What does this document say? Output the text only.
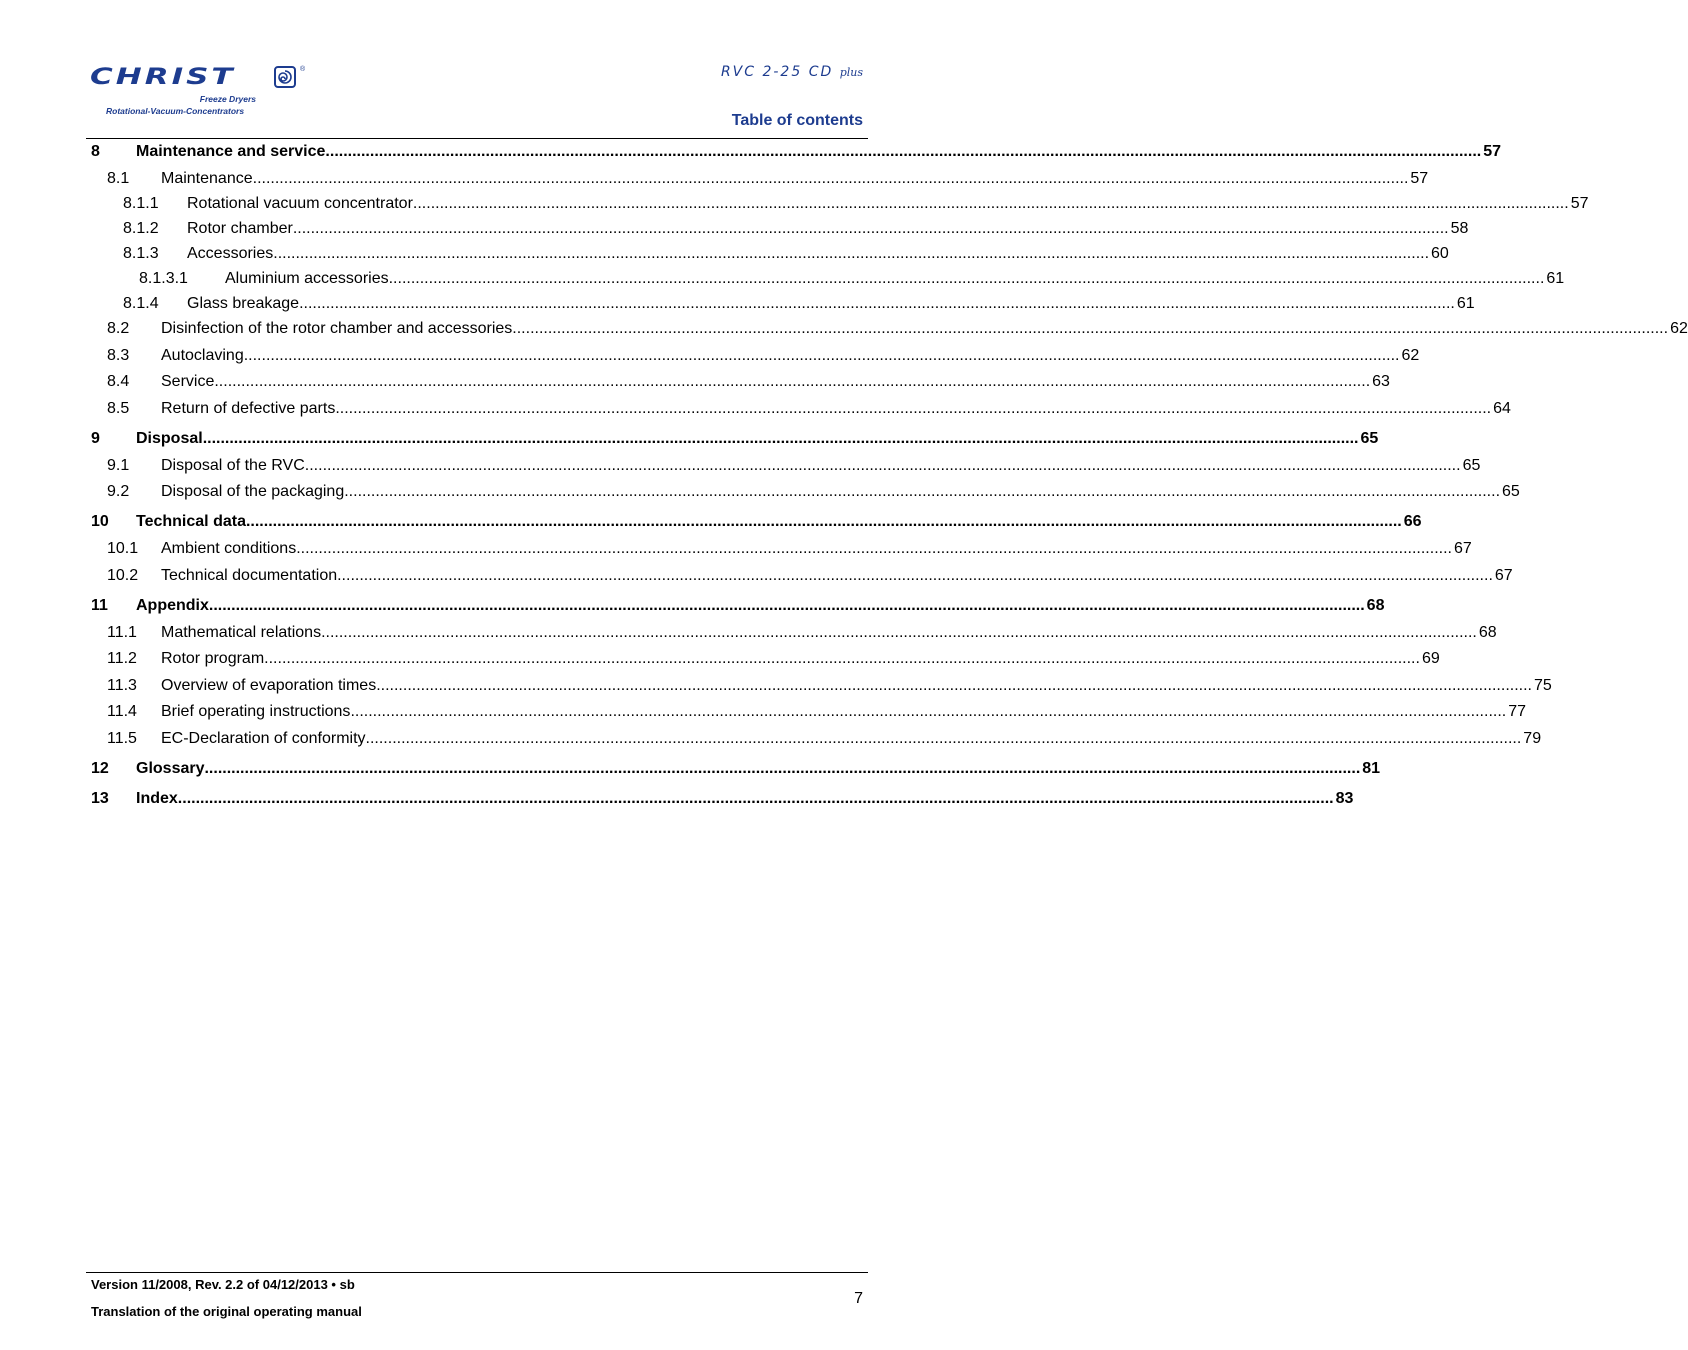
CHRIST	®
Freeze Dryers
Rotational-Vacuum-Concentrators
RVC 2-25 CD plus
Table of contents
8 Maintenance and service .................................................................................................................................................................................................................................................................... 57
8.1 Maintenance .................................................................................................................................................................................................................................................................... 57
8.1.1 Rotational vacuum concentrator .................................................................................................................................................................................................................................................................... 57
8.1.2 Rotor chamber .................................................................................................................................................................................................................................................................... 58
8.1.3 Accessories .................................................................................................................................................................................................................................................................... 60
8.1.3.1 Aluminium accessories .................................................................................................................................................................................................................................................................... 61
8.1.4 Glass breakage .................................................................................................................................................................................................................................................................... 61
8.2 Disinfection of the rotor chamber and accessories .................................................................................................................................................................................................................................................................... 62
8.3 Autoclaving .................................................................................................................................................................................................................................................................... 62
8.4 Service .................................................................................................................................................................................................................................................................... 63
8.5 Return of defective parts .................................................................................................................................................................................................................................................................... 64
9 Disposal .................................................................................................................................................................................................................................................................... 65
9.1 Disposal of the RVC .................................................................................................................................................................................................................................................................... 65
9.2 Disposal of the packaging .................................................................................................................................................................................................................................................................... 65
10 Technical data .................................................................................................................................................................................................................................................................... 66
10.1 Ambient conditions .................................................................................................................................................................................................................................................................... 67
10.2 Technical documentation .................................................................................................................................................................................................................................................................... 67
11 Appendix .................................................................................................................................................................................................................................................................... 68
11.1 Mathematical relations .................................................................................................................................................................................................................................................................... 68
11.2 Rotor program .................................................................................................................................................................................................................................................................... 69
11.3 Overview of evaporation times .................................................................................................................................................................................................................................................................... 75
11.4 Brief operating instructions .................................................................................................................................................................................................................................................................... 77
11.5 EC-Declaration of conformity .................................................................................................................................................................................................................................................................... 79
12 Glossary .................................................................................................................................................................................................................................................................... 81
13 Index .................................................................................................................................................................................................................................................................... 83
Version 11/2008, Rev. 2.2 of 04/12/2013 • sb
Translation of the original operating manual
7
